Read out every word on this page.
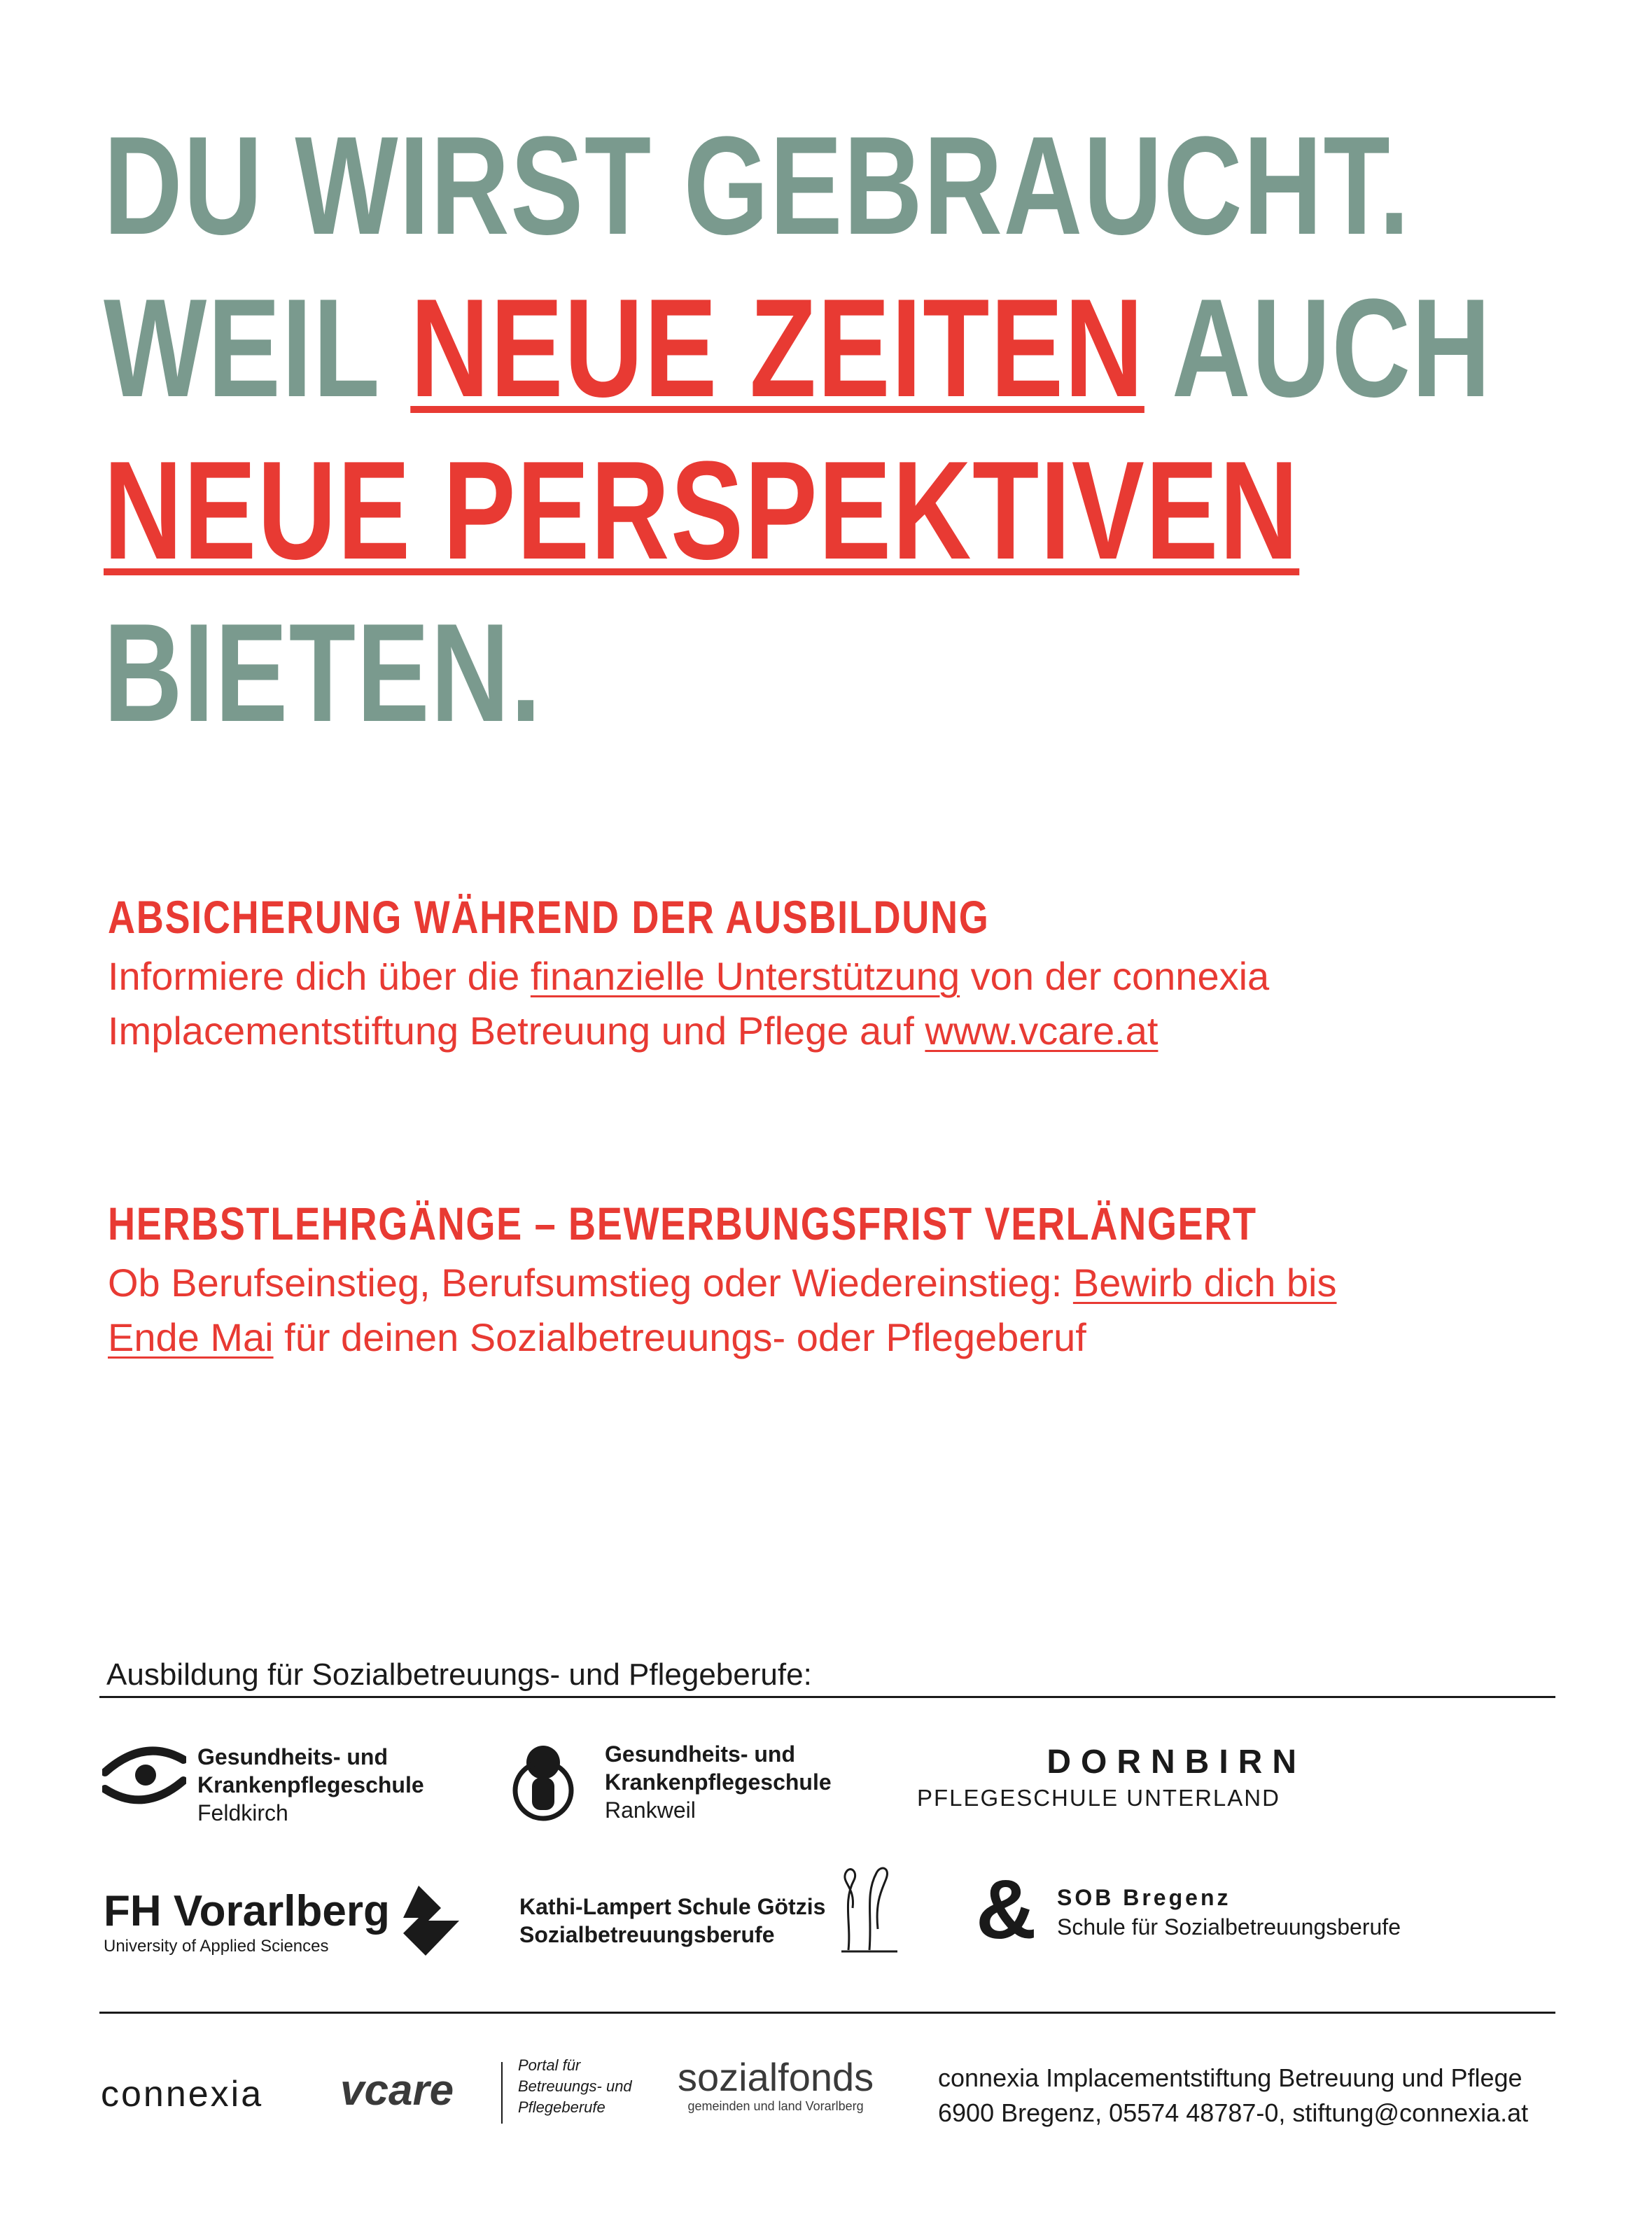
DU WIRST GEBRAUCHT.
WEIL NEUE ZEITEN AUCH
NEUE PERSPEKTIVEN
BIETEN.
ABSICHERUNG WÄHREND DER AUSBILDUNG

Informiere dich über die finanzielle Unterstützung von der connexia Implacementstiftung Betreuung und Pflege auf www.vcare.at

HERBSTLEHRGÄNGE – BEWERBUNGSFRIST VERLÄNGERT

Ob Berufseinstieg, Berufsumstieg oder Wiedereinstieg: Bewirb dich bis Ende Mai für deinen Sozialbetreuungs- oder Pflegeberuf

Ausbildung für Sozialbetreuungs- und Pflegeberufe:
Gesundheits- und
Krankenpflegeschule
Feldkirch
Gesundheits- und
Krankenpflegeschule
Rankweil
DORNBIRN
PFLEGESCHULE UNTERLAND
FH Vorarlberg
University of Applied Sciences
Kathi-Lampert Schule Götzis
Sozialbetreuungsberufe	& SOB Bregenz
Schule für Sozialbetreuungsberufe
connexia vcare
Portal für
Betreuungs- und
Pflegeberufe
sozialfonds
gemeinden und land Vorarlberg
connexia Implacementstiftung Betreuung und Pflege
6900 Bregenz, 05574 48787-0, stiftung@connexia.at
